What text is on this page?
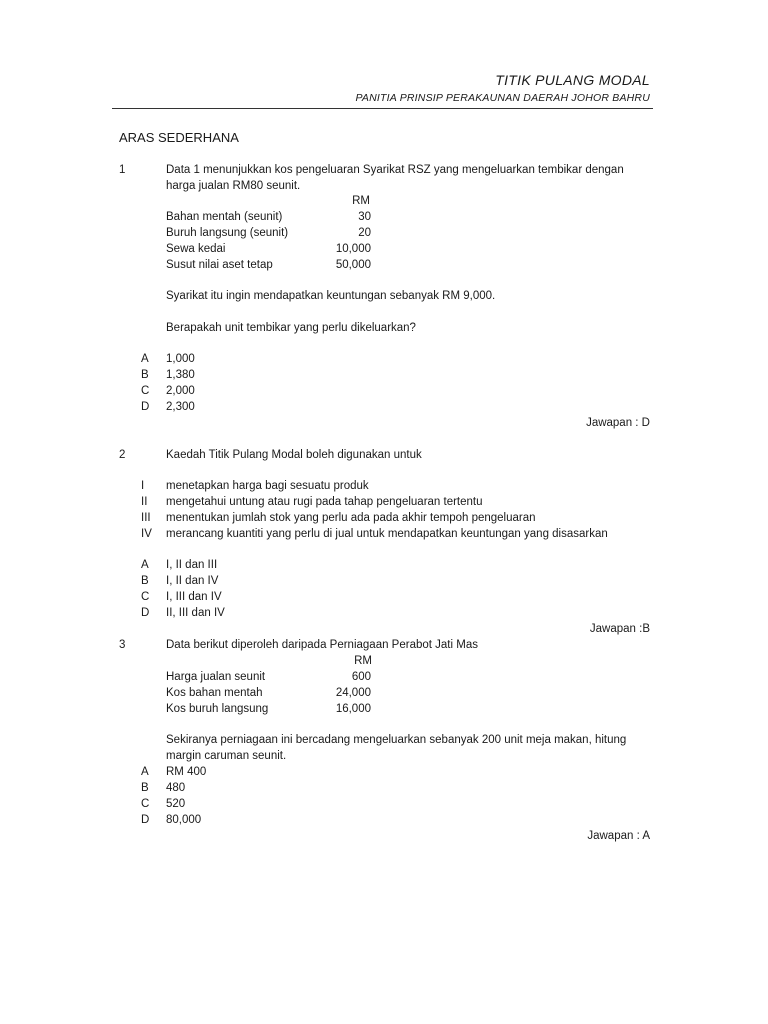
TITIK PULANG MODAL
PANITIA PRINSIP PERAKAUNAN DAERAH JOHOR BAHRU
ARAS SEDERHANA
1	Data 1 menunjukkan kos pengeluaran Syarikat RSZ yang mengeluarkan tembikar dengan
harga jualan RM80 seunit.
RM
Bahan mentah (seunit)	30
Buruh langsung (seunit)	20
Sewa kedai	10,000
Susut nilai aset tetap	50,000
Syarikat itu ingin mendapatkan keuntungan sebanyak RM 9,000.
Berapakah unit tembikar yang perlu dikeluarkan?
A 1,000
B 1,380
C 2,000
D 2,300
Jawapan : D
2	Kaedah Titik Pulang Modal boleh digunakan untuk
I menetapkan harga bagi sesuatu produk
II mengetahui untung atau rugi pada tahap pengeluaran tertentu
III menentukan jumlah stok yang perlu ada pada akhir tempoh pengeluaran
IV merancang kuantiti yang perlu di jual untuk mendapatkan keuntungan yang disasarkan
A I, II dan III
B I, II dan IV
C I, III dan IV
D II, III dan IV
Jawapan :B
3	Data berikut diperoleh daripada Perniagaan Perabot Jati Mas
RM
Harga jualan seunit	600
Kos bahan mentah	24,000
Kos buruh langsung	16,000
Sekiranya perniagaan ini bercadang mengeluarkan sebanyak 200 unit meja makan, hitung
margin caruman seunit.
A RM 400
B 480
C 520
D 80,000
Jawapan : A
